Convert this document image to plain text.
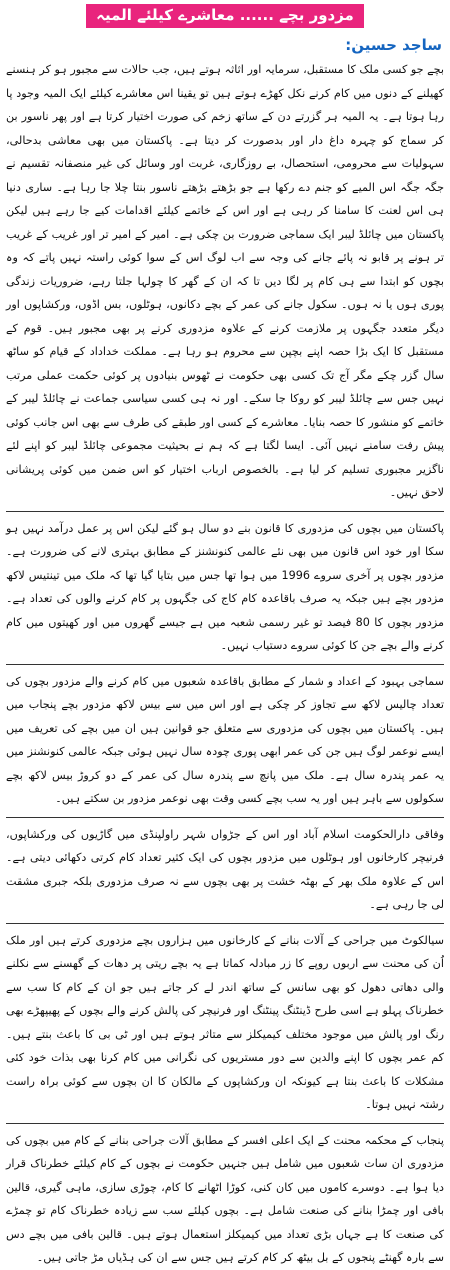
مزدور بچے ...... معاشرے کیلئے المیہ
ساجد حسین:

بچے جو کسی ملک کا مستقبل، سرمایہ اور اثاثہ ہوتے ہیں، جب حالات سے مجبور ہو کر ہنسنے کھیلنے کے دنوں میں کام کرنے نکل کھڑے ہوتے ہیں تو یقینا اس معاشرے کیلئے ایک المیہ وجود پا رہا ہوتا ہے۔ یہ المیہ ہر گزرتے دن کے ساتھ زخم کی صورت اختیار کرتا ہے اور پھر ناسور بن کر سماج کو چہرہ داغ دار اور بدصورت کر دیتا ہے۔ پاکستان میں بھی معاشی بدحالی، سہولیات سے محرومی، استحصال، بے روزگاری، غربت اور وسائل کی غیر منصفانہ تقسیم نے جگہ جگہ اس المیے کو جنم دے رکھا ہے جو بڑھتے بڑھتے ناسور بنتا چلا جا رہا ہے۔ ساری دنیا ہی اس لعنت کا سامنا کر رہی ہے اور اس کے خاتمے کیلئے اقدامات کیے جا رہے ہیں لیکن پاکستان میں چائلڈ لیبر ایک سماجی ضرورت بن چکی ہے۔ امیر کے امیر تر اور غریب کے غریب تر ہونے پر قابو نہ پائے جانے کی وجہ سے اب لوگ اس کے سوا کوئی راستہ نہیں پاتے کہ وہ بچوں کو ابتدا سے ہی کام پر لگا دیں تا کہ ان کے گھر کا چولہا جلتا رہے، ضروریات زندگی پوری ہوں یا نہ ہوں۔ سکول جانے کی عمر کے بچے دکانوں، ہوٹلوں، بس اڈوں، ورکشاپوں اور دیگر متعدد جگہوں پر ملازمت کرنے کے علاوہ مزدوری کرنے پر بھی مجبور ہیں۔ قوم کے مستقبل کا ایک بڑا حصہ اپنے بچپن سے محروم ہو رہا ہے۔ مملکت خداداد کے قیام کو ساٹھ سال گزر چکے مگر آج تک کسی بھی حکومت نے ٹھوس بنیادوں پر کوئی حکمت عملی مرتب نہیں جس سے چائلڈ لیبر کو روکا جا سکے۔ اور نہ ہی کسی سیاسی جماعت نے چائلڈ لیبر کے خاتمے کو منشور کا حصہ بنایا۔ معاشرے کے کسی اور طبقے کی طرف سے بھی اس جانب کوئی پیش رفت سامنے نہیں آئی۔ ایسا لگتا ہے کہ ہم نے بحیثیت مجموعی چائلڈ لیبر کو اپنے لئے ناگزیر مجبوری تسلیم کر لیا ہے۔ بالخصوص ارباب اختیار کو اس ضمن میں کوئی پریشانی لاحق نہیں۔

پاکستان میں بچوں کی مزدوری کا قانون بنے دو سال ہو گئے لیکن اس پر عمل درآمد نہیں ہو سکا اور خود اس قانون میں بھی نئے عالمی کنونشنز کے مطابق بہتری لانے کی ضرورت ہے۔ مزدور بچوں پر آخری سروے 1996 میں ہوا تھا جس میں بتایا گیا تھا کہ ملک میں تینتیس لاکھ مزدور بچے ہیں جبکہ یہ صرف باقاعدہ کام کاج کی جگہوں پر کام کرنے والوں کی تعداد ہے۔ مزدور بچوں کا 80 فیصد تو غیر رسمی شعبہ میں ہے جیسے گھروں میں اور کھیتوں میں کام کرنے والے بچے جن کا کوئی سروے دستیاب نہیں۔

سماجی بہبود کے اعداد و شمار کے مطابق باقاعدہ شعبوں میں کام کرنے والے مزدور بچوں کی تعداد چالیس لاکھ سے تجاوز کر چکی ہے اور اس میں سے بیس لاکھ مزدور بچے پنجاب میں ہیں۔ پاکستان میں بچوں کی مزدوری سے متعلق جو قوانین ہیں ان میں بچے کی تعریف میں ایسے نوعمر لوگ ہیں جن کی عمر ابھی پوری چودہ سال نہیں ہوئی جبکہ عالمی کنونشنز میں یہ عمر پندرہ سال ہے۔ ملک میں پانچ سے پندرہ سال کی عمر کے دو کروڑ بیس لاکھ بچے سکولوں سے باہر ہیں اور یہ سب بچے کسی وقت بھی نوعمر مزدور بن سکتے ہیں۔

وفاقی دارالحکومت اسلام آباد اور اس کے جڑواں شہر راولپنڈی میں گاڑیوں کی ورکشاپوں، فرنیچر کارخانوں اور ہوٹلوں میں مزدور بچوں کی ایک کثیر تعداد کام کرتی دکھائی دیتی ہے۔ اس کے علاوہ ملک بھر کے بھٹہ خشت پر بھی بچوں سے نہ صرف مزدوری بلکہ جبری مشقت لی جا رہی ہے۔

سیالکوٹ میں جراحی کے آلات بنانے کے کارخانوں میں ہزاروں بچے مزدوری کرتے ہیں اور ملک اُن کی محنت سے اربوں روپے کا زر مبادلہ کماتا ہے یہ بچے ریتی پر دھات کے گھسنے سے نکلنے والی دھاتی دھول کو بھی سانس کے ساتھ اندر لے کر جاتے ہیں جو ان کے کام کا سب سے خطرناک پہلو ہے اسی طرح ڈینٹنگ پینٹنگ اور فرنیچر کی پالش کرنے والے بچوں کے پھیپھڑے بھی رنگ اور پالش میں موجود مختلف کیمیکلز سے متاثر ہوتے ہیں اور ٹی بی کا باعث بنتے ہیں۔ کم عمر بچوں کا اپنے والدین سے دور مستریوں کی نگرانی میں کام کرنا بھی بذات خود کئی مشکلات کا باعث بنتا ہے کیونکہ ان ورکشاپوں کے مالکان کا ان بچوں سے کوئی براہ راست رشتہ نہیں ہوتا۔

پنجاب کے محکمہ محنت کے ایک اعلی افسر کے مطابق آلات جراحی بنانے کے کام میں بچوں کی مزدوری ان سات شعبوں میں شامل ہیں جنہیں حکومت نے بچوں کے کام کیلئے خطرناک قرار دیا ہوا ہے۔ دوسرے کاموں میں کان کنی، کوڑا اٹھانے کا کام، چوڑی سازی، ماہی گیری، قالین بافی اور چمڑا بنانے کی صنعت شامل ہے۔ بچوں کیلئے سب سے زیادہ خطرناک کام تو چمڑے کی صنعت کا ہے جہاں بڑی تعداد میں کیمیکلز استعمال ہوتے ہیں۔ قالین بافی میں بچے دس سے بارہ گھنٹے پنجوں کے بل بیٹھ کر کام کرتے ہیں جس سے ان کی ہڈیاں مڑ جاتی ہیں۔
